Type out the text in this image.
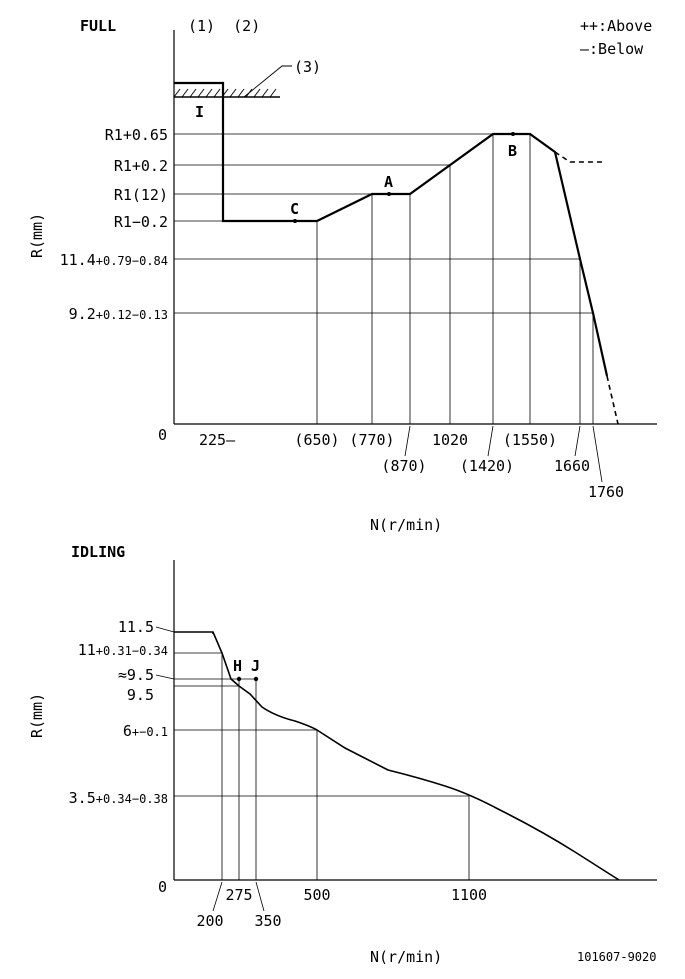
FULL	(1)  (2)	++:Above
—:Below
(3)
I
R1+0.65
R1+0.2
R1(12)
R1−0.2
11.4+0.79−0.84
9.2+0.12−0.13
0
R(mm)
225—	(650) (770)
(870)
1020
(1420)
(1550)
1660
1760
C
A
B
N(r/min)
IDLING
11.5
11+0.31−0.34
≈9.5
9.5
6+−0.1
3.5+0.34−0.38
0
R(mm)
200
275
350
500	1100
H J
N(r/min)	101607-9020
